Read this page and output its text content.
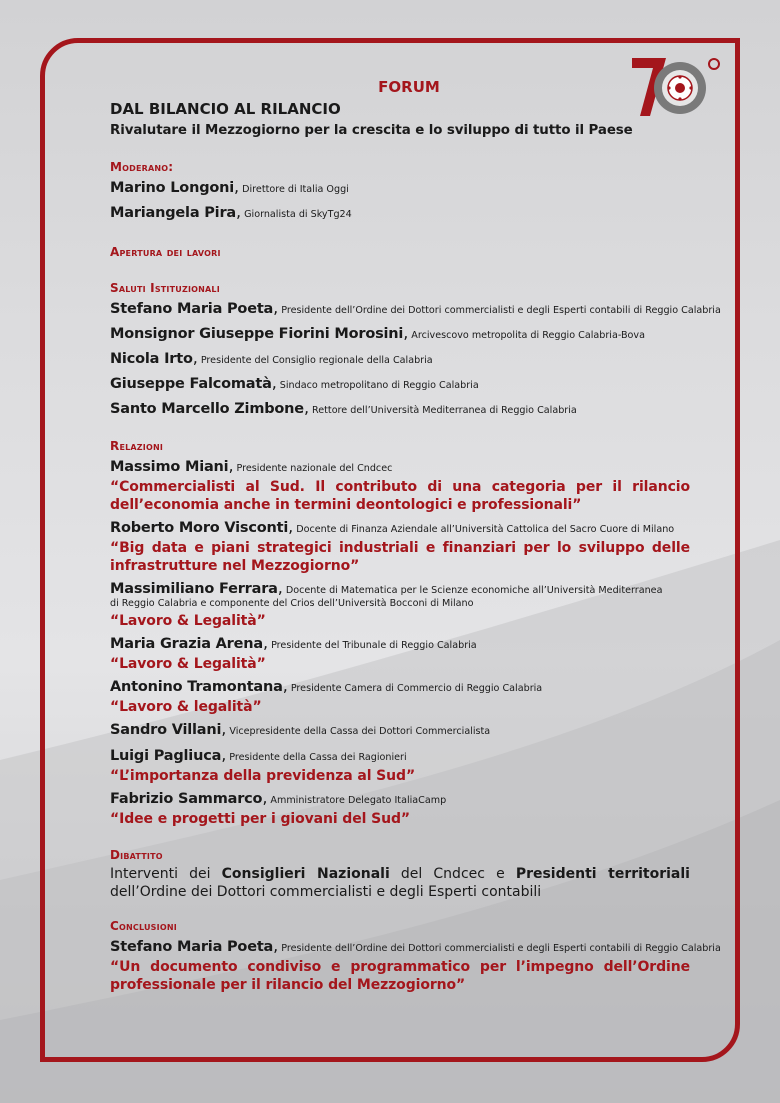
FORUM
DAL BILANCIO AL RILANCIO
Rivalutare il Mezzogiorno per la crescita e lo sviluppo di tutto il Paese
Moderano:
Marino Longoni, Direttore di Italia Oggi
Mariangela Pira, Giornalista di SkyTg24
Apertura dei lavori
Saluti Istituzionali
Stefano Maria Poeta, Presidente dell’Ordine dei Dottori commercialisti e degli Esperti contabili di Reggio Calabria
Monsignor Giuseppe Fiorini Morosini, Arcivescovo metropolita di Reggio Calabria-Bova
Nicola Irto, Presidente del Consiglio regionale della Calabria
Giuseppe Falcomatà, Sindaco metropolitano di Reggio Calabria
Santo Marcello Zimbone, Rettore dell’Università Mediterranea di Reggio Calabria
Relazioni
Massimo Miani, Presidente nazionale del Cndcec
“Commercialisti al Sud. Il contributo di una categoria per il rilancio dell’economia anche in termini deontologici e professionali”
Roberto Moro Visconti, Docente di Finanza Aziendale all’Università Cattolica del Sacro Cuore di Milano
“Big data e piani strategici industriali e finanziari per lo sviluppo delle infrastrutture nel Mezzogiorno”
Massimiliano Ferrara, Docente di Matematica per le Scienze economiche all’Università Mediterranea
di Reggio Calabria e componente del Crios dell’Università Bocconi di Milano
“Lavoro & Legalità”
Maria Grazia Arena, Presidente del Tribunale di Reggio Calabria
“Lavoro & Legalità”
Antonino Tramontana, Presidente Camera di Commercio di Reggio Calabria
“Lavoro & legalità”
Sandro Villani, Vicepresidente della Cassa dei Dottori Commercialista
Luigi Pagliuca, Presidente della Cassa dei Ragionieri
“L’importanza della previdenza al Sud”
Fabrizio Sammarco, Amministratore Delegato ItaliaCamp
“Idee e progetti per i giovani del Sud”
Dibattito
Interventi dei Consiglieri Nazionali del Cndcec e Presidenti territoriali dell’Ordine dei Dottori commercialisti e degli Esperti contabili
Conclusioni
Stefano Maria Poeta, Presidente dell’Ordine dei Dottori commercialisti e degli Esperti contabili di Reggio Calabria
“Un documento condiviso e programmatico per l’impegno dell’Ordine professionale per il rilancio del Mezzogiorno”
